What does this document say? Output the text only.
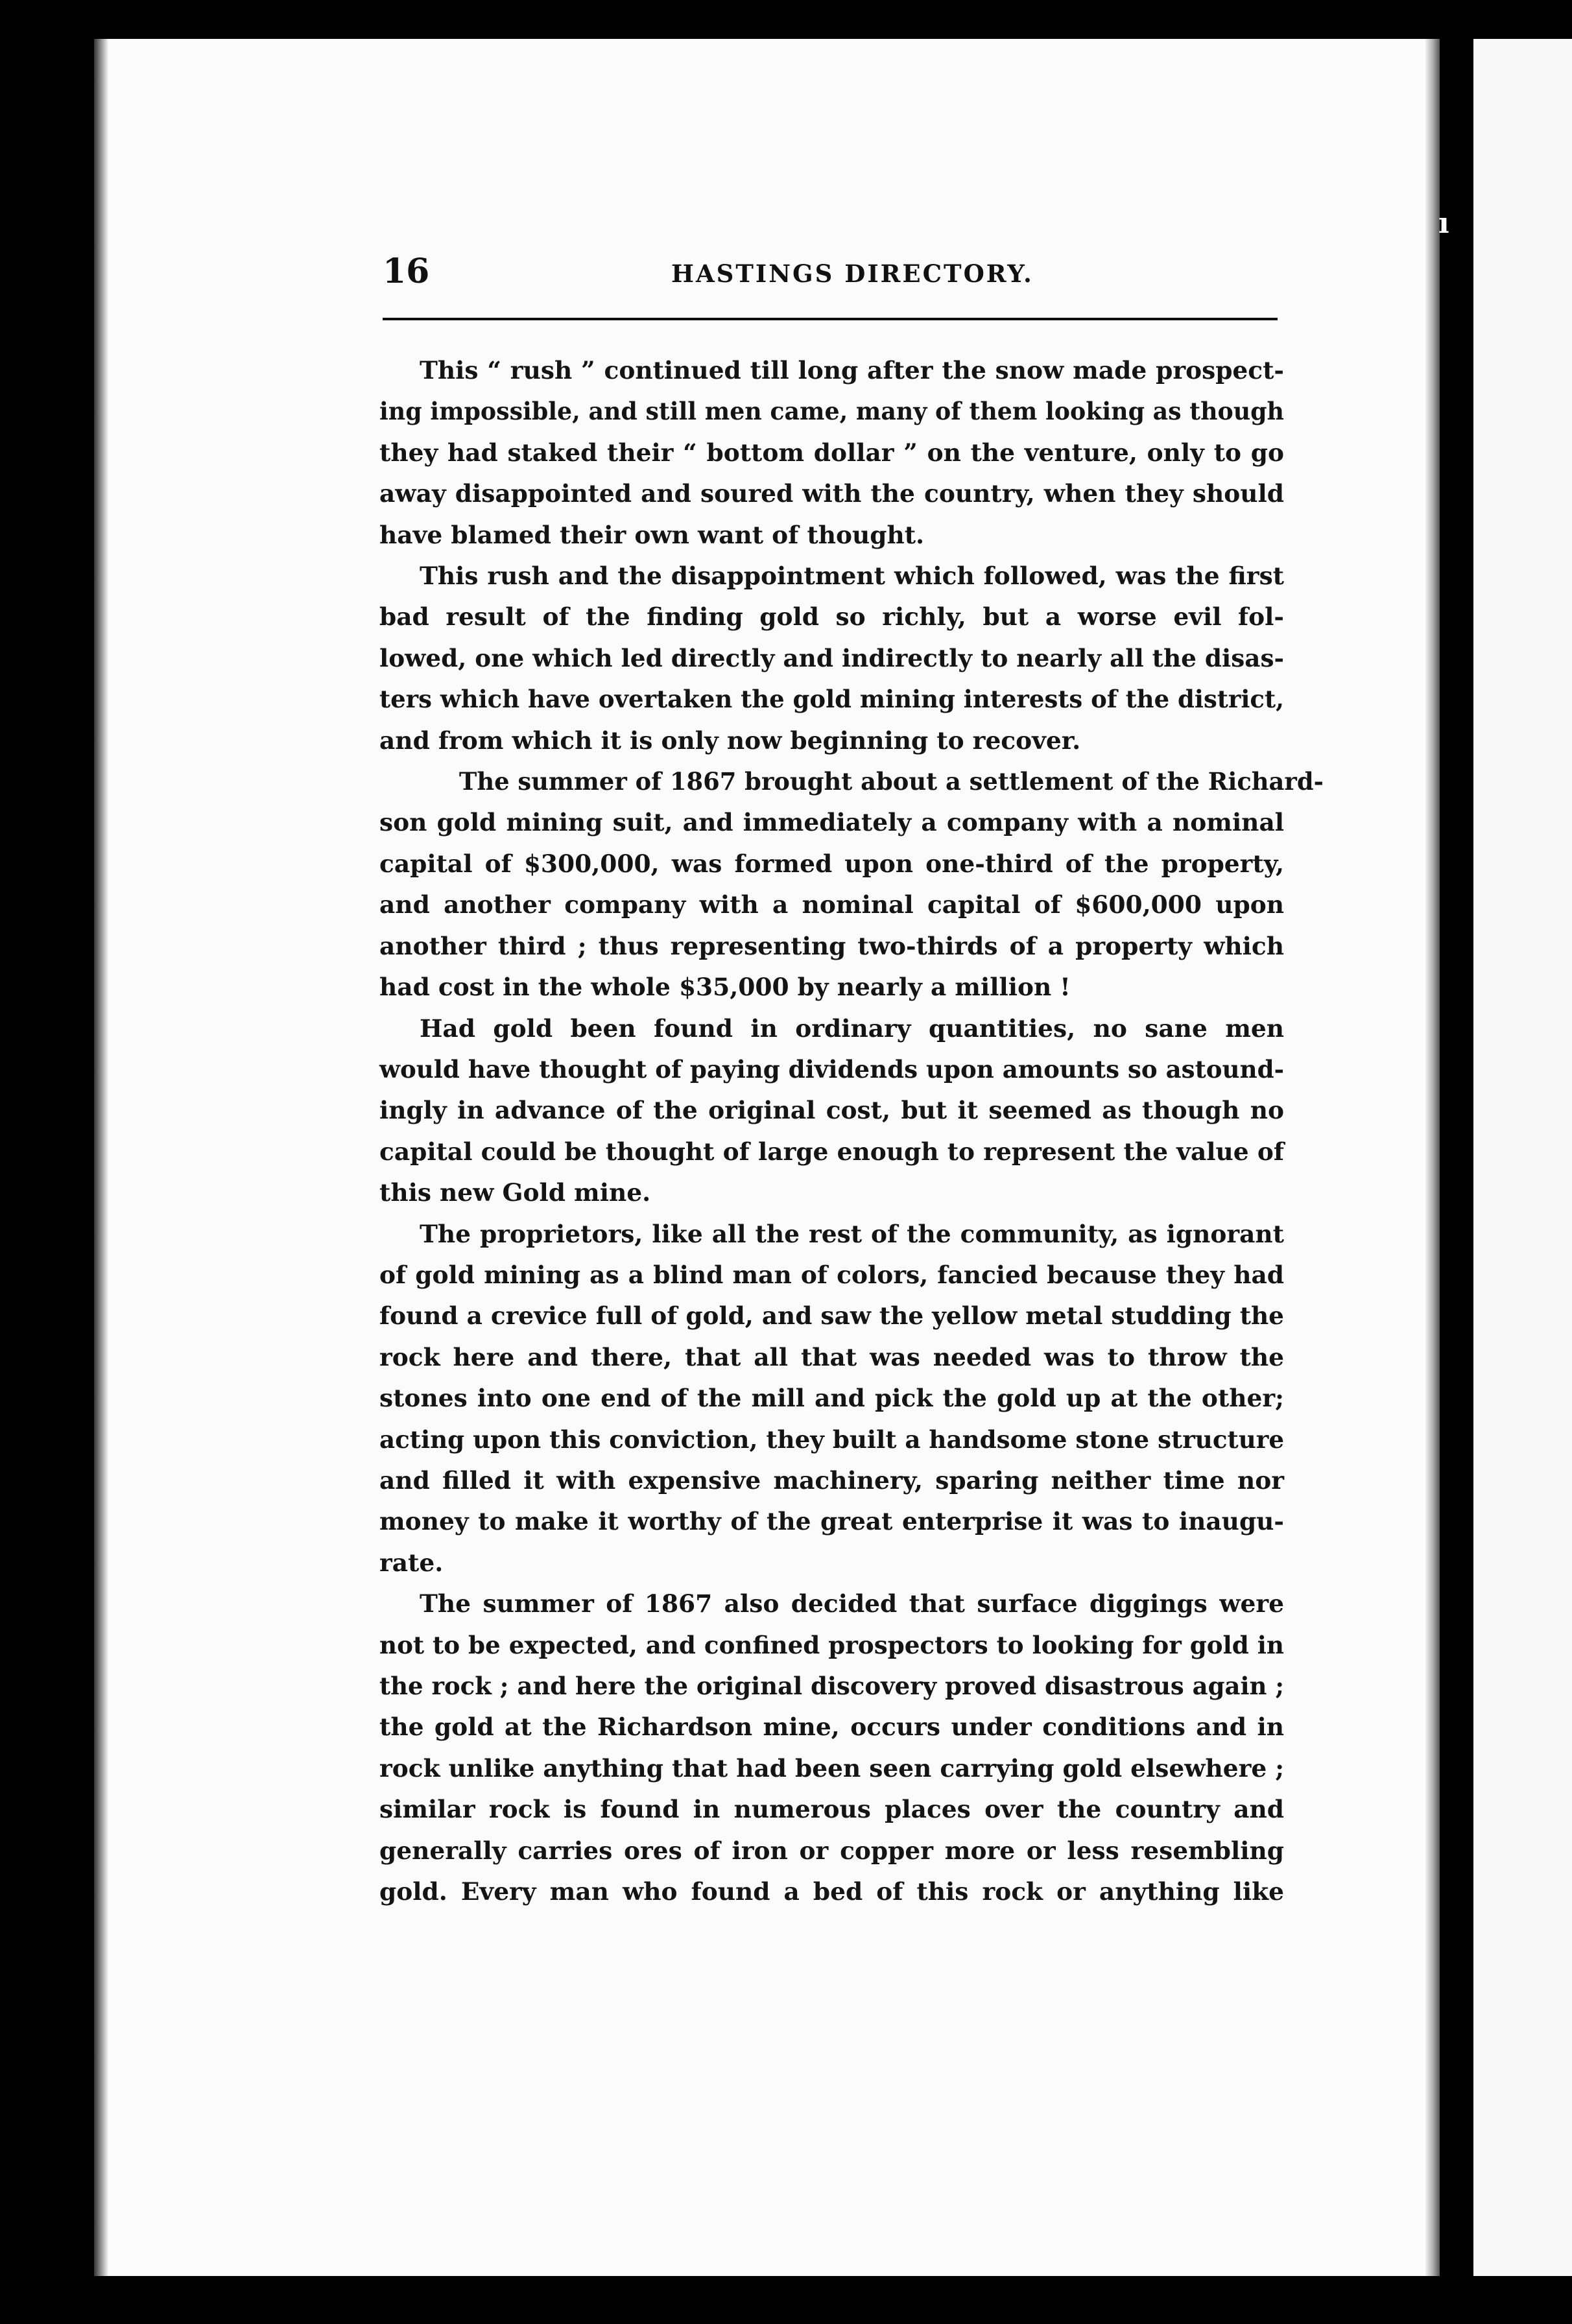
ı
16	HASTINGS DIRECTORY.
This “ rush ” continued till long after the snow made prospect-
ing impossible, and still men came, many of them looking as though
they had staked their “ bottom dollar ” on the venture, only to go
away disappointed and soured with the country, when they should
have blamed their own want of thought.
This rush and the disappointment which followed, was the first
bad result of the finding gold so richly, but a worse evil fol-
lowed, one which led directly and indirectly to nearly all the disas-
ters which have overtaken the gold mining interests of the district,
and from which it is only now beginning to recover.
The summer of 1867 brought about a settlement of the Richard-
son gold mining suit, and immediately a company with a nominal
capital of $300,000, was formed upon one-third of the property,
and another company with a nominal capital of $600,000 upon
another third ; thus representing two-thirds of a property which
had cost in the whole $35,000 by nearly a million !
Had gold been found in ordinary quantities, no sane men
would have thought of paying dividends upon amounts so astound-
ingly in advance of the original cost, but it seemed as though no
capital could be thought of large enough to represent the value of
this new Gold mine.
The proprietors, like all the rest of the community, as ignorant
of gold mining as a blind man of colors, fancied because they had
found a crevice full of gold, and saw the yellow metal studding the
rock here and there, that all that was needed was to throw the
stones into one end of the mill and pick the gold up at the other;
acting upon this conviction, they built a handsome stone structure
and filled it with expensive machinery, sparing neither time nor
money to make it worthy of the great enterprise it was to inaugu-
rate.
The summer of 1867 also decided that surface diggings were
not to be expected, and confined prospectors to looking for gold in
the rock ; and here the original discovery proved disastrous again ;
the gold at the Richardson mine, occurs under conditions and in
rock unlike anything that had been seen carrying gold elsewhere ;
similar rock is found in numerous places over the country and
generally carries ores of iron or copper more or less resembling
gold. Every man who found a bed of this rock or anything like
